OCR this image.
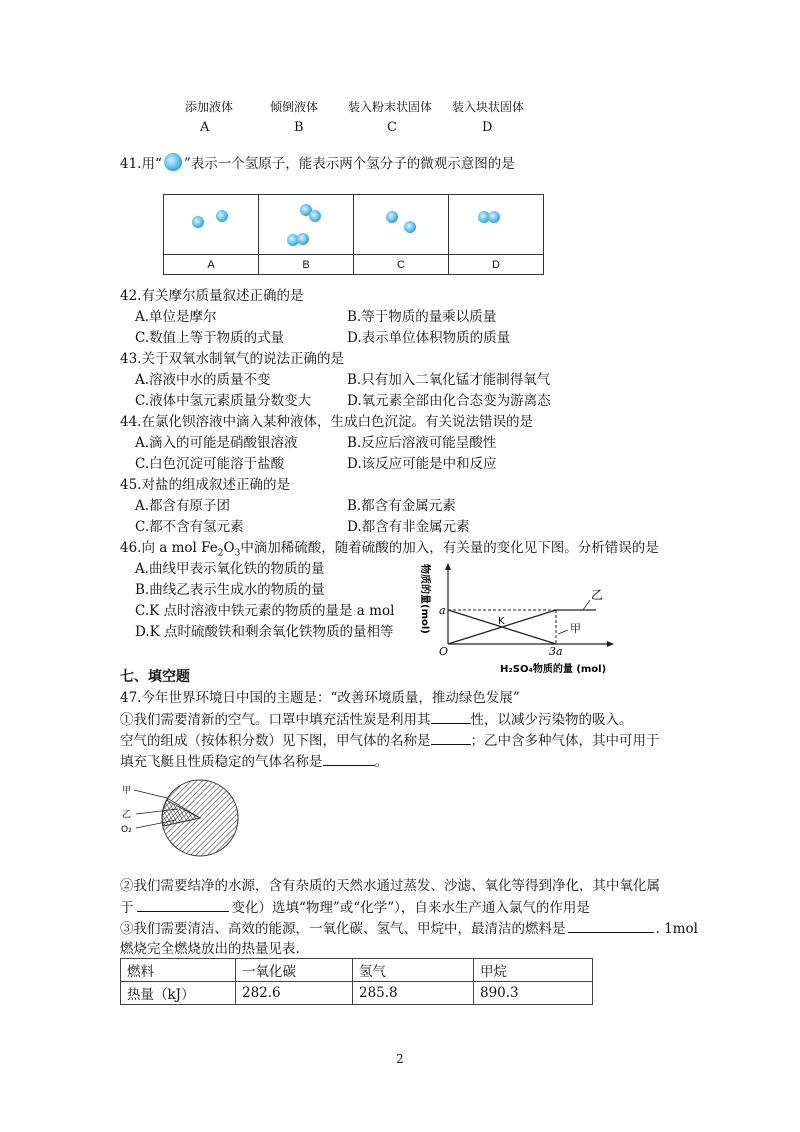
添加液体	倾倒液体 装入粉末状固体 装入块状固体
A	B	C	D
41.用“ ”表示一个氢原子，能表示两个氢分子的微观示意图的是

A	B	C	D
42.有关摩尔质量叙述正确的是
A.单位是摩尔	B.等于物质的量乘以质量
C.数值上等于物质的式量	D.表示单位体积物质的质量
43.关于双氧水制氧气的说法正确的是
A.溶液中水的质量不变	B.只有加入二氧化锰才能制得氧气
C.液体中氢元素质量分数变大	D.氧元素全部由化合态变为游离态
44.在氯化钡溶液中滴入某种液体，生成白色沉淀。有关说法错误的是
A.滴入的可能是硝酸银溶液	B.反应后溶液可能呈酸性
C.白色沉淀可能溶于盐酸	D.该反应可能是中和反应
45.对盐的组成叙述正确的是
A.都含有原子团	B.都含有金属元素
C.都不含有氢元素	D.都含有非金属元素
46.向 a mol $Fe_2O_3$中滴加稀硫酸，随着硫酸的加入，有关量的变化见下图。分析错误的是
A.曲线甲表示氧化铁的物质的量
B.曲线乙表示生成水的物质的量
C.K 点时溶液中铁元素的物质的量是 a mol
D.K 点时硫酸铁和剩余氧化铁物质的量相等	物质的量(mol) a
O
K
乙
甲
3a
H₂SO₄物质的量 (mol)
七、填空题
47.今年世界环境日中国的主题是：“改善环境质量，推动绿色发展”
①我们需要清新的空气。口罩中填充活性炭是利用其	性，以减少污染物的吸入。
空气的组成（按体积分数）见下图，甲气体的名称是	；乙中含多种气体，其中可用于
填充飞艇且性质稳定的气体名称是	。
甲
乙
O₂
②我们需要结净的水源，含有杂质的天然水通过蒸发、沙滤、氧化等得到净化，其中氧化属
于	变化）选填“物理”或“化学”），自来水生产通入氯气的作用是
③我们需要清洁、高效的能源，一氧化碳、氢气、甲烷中，最清洁的燃料是	. 1mol
燃烧完全燃烧放出的热量见表.
燃料	一氧化碳	氢气	甲烷
热量（kJ）	282.6	285.8	890.3
2
